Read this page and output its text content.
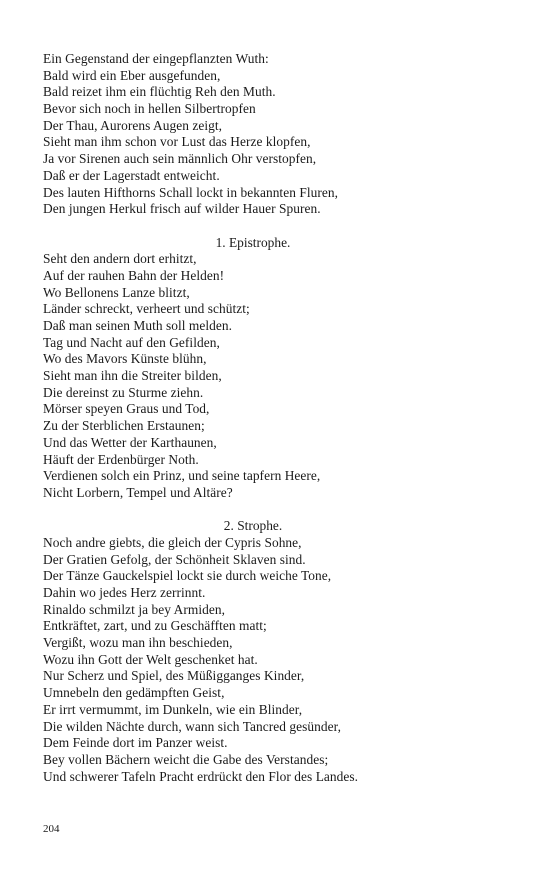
Ein Gegenstand der eingepflanzten Wuth:
Bald wird ein Eber ausgefunden,
Bald reizet ihm ein flüchtig Reh den Muth.
Bevor sich noch in hellen Silbertropfen
Der Thau, Aurorens Augen zeigt,
Sieht man ihm schon vor Lust das Herze klopfen,
Ja vor Sirenen auch sein männlich Ohr verstopfen,
Daß er der Lagerstadt entweicht.
Des lauten Hifthorns Schall lockt in bekannten Fluren,
Den jungen Herkul frisch auf wilder Hauer Spuren.
1. Epistrophe.
Seht den andern dort erhitzt,
Auf der rauhen Bahn der Helden!
Wo Bellonens Lanze blitzt,
Länder schreckt, verheert und schützt;
Daß man seinen Muth soll melden.
Tag und Nacht auf den Gefilden,
Wo des Mavors Künste blühn,
Sieht man ihn die Streiter bilden,
Die dereinst zu Sturme ziehn.
Mörser speyen Graus und Tod,
Zu der Sterblichen Erstaunen;
Und das Wetter der Karthaunen,
Häuft der Erdenbürger Noth.
Verdienen solch ein Prinz, und seine tapfern Heere,
Nicht Lorbern, Tempel und Altäre?
2. Strophe.
Noch andre giebts, die gleich der Cypris Sohne,
Der Gratien Gefolg, der Schönheit Sklaven sind.
Der Tänze Gauckelspiel lockt sie durch weiche Tone,
Dahin wo jedes Herz zerrinnt.
Rinaldo schmilzt ja bey Armiden,
Entkräftet, zart, und zu Geschäfften matt;
Vergißt, wozu man ihn beschieden,
Wozu ihn Gott der Welt geschenket hat.
Nur Scherz und Spiel, des Müßigganges Kinder,
Umnebeln den gedämpften Geist,
Er irrt vermummt, im Dunkeln, wie ein Blinder,
Die wilden Nächte durch, wann sich Tancred gesünder,
Dem Feinde dort im Panzer weist.
Bey vollen Bächern weicht die Gabe des Verstandes;
Und schwerer Tafeln Pracht erdrückt den Flor des Landes.
204
